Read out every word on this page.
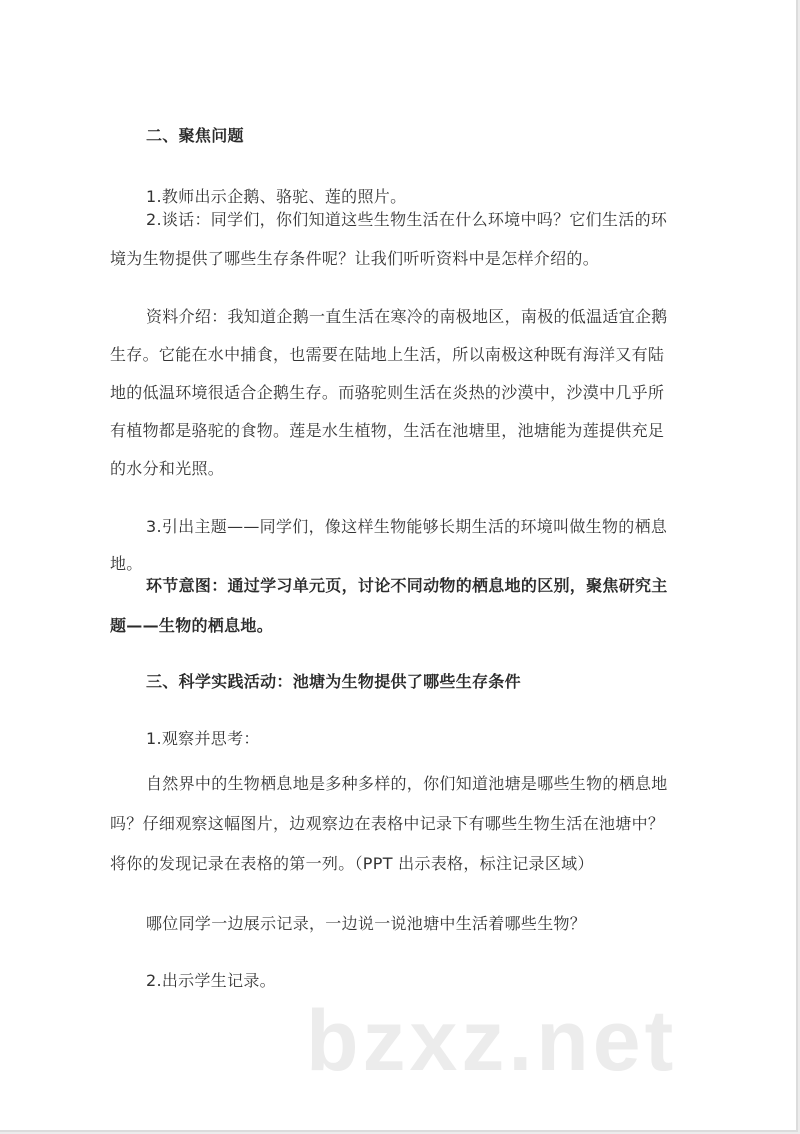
二、聚焦问题
1.教师出示企鹅、骆驼、莲的照片。
2.谈话：同学们，你们知道这些生物生活在什么环境中吗？它们生活的环境为生物提供了哪些生存条件呢？让我们听听资料中是怎样介绍的。
资料介绍：我知道企鹅一直生活在寒冷的南极地区，南极的低温适宜企鹅生存。它能在水中捕食，也需要在陆地上生活，所以南极这种既有海洋又有陆地的低温环境很适合企鹅生存。而骆驼则生活在炎热的沙漠中，沙漠中几乎所有植物都是骆驼的食物。莲是水生植物，生活在池塘里，池塘能为莲提供充足的水分和光照。
3.引出主题——同学们，像这样生物能够长期生活的环境叫做生物的栖息地。
环节意图：通过学习单元页，讨论不同动物的栖息地的区别，聚焦研究主题——生物的栖息地。
三、科学实践活动：池塘为生物提供了哪些生存条件
1.观察并思考：
自然界中的生物栖息地是多种多样的，你们知道池塘是哪些生物的栖息地吗？仔细观察这幅图片，边观察边在表格中记录下有哪些生物生活在池塘中？将你的发现记录在表格的第一列。（PPT 出示表格，标注记录区域）
哪位同学一边展示记录，一边说一说池塘中生活着哪些生物？
2.出示学生记录。
bzxz.net
